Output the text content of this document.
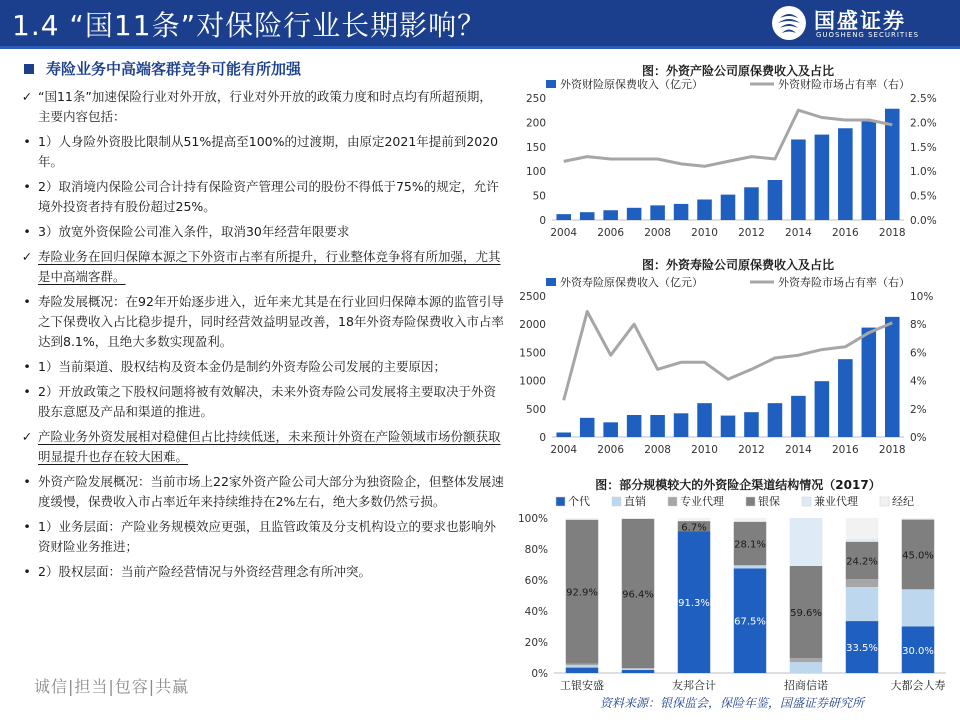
1.4 “国11条”对保险行业长期影响？	国盛证券
GUOSHENG SECURITIES
寿险业务中高端客群竞争可能有所加强
✓ “国11条”加速保险行业对外开放，行业对外开放的政策力度和时点均有所超预期，主要内容包括：
• 1）人身险外资股比限制从51%提高至100%的过渡期，由原定2021年提前到2020年。
• 2）取消境内保险公司合计持有保险资产管理公司的股份不得低于75%的规定，允许境外投资者持有股份超过25%。
• 3）放宽外资保险公司准入条件，取消30年经营年限要求
✓ 寿险业务在回归保障本源之下外资市占率有所提升，行业整体竞争将有所加强，尤其是中高端客群。
• 寿险发展概况：在92年开始逐步进入，近年来尤其是在行业回归保障本源的监管引导之下保费收入占比稳步提升，同时经营效益明显改善，18年外资寿险保费收入市占率达到8.1%，且绝大多数实现盈利。
• 1）当前渠道、股权结构及资本金仍是制约外资寿险公司发展的主要原因；
• 2）开放政策之下股权问题将被有效解决，未来外资寿险公司发展将主要取决于外资股东意愿及产品和渠道的推进。
✓ 产险业务外资发展相对稳健但占比持续低迷，未来预计外资在产险领域市场份额获取明显提升也存在较大困难。
• 外资产险发展概况：当前市场上22家外资产险公司大部分为独资险企，但整体发展速度缓慢，保费收入市占率近年来持续维持在2%左右，绝大多数仍然亏损。
• 1）业务层面：产险业务规模效应更强，且监管政策及分支机构设立的要求也影响外资财险业务推进；
• 2）股权层面：当前产险经营情况与外资经营理念有所冲突。
诚信|担当|包容|共赢
图：外资产险公司原保费收入及占比
外资财险原保费收入（亿元）	外资财险市场占有率（右）
0
50
100
150
200
250
0.0%
0.5%
1.0%
1.5%
2.0%
2.5%
2004 2006 2008 2010 2012 2014 2016 2018
图：外资寿险公司原保费收入及占比
外资寿险原保费收入（亿元）	外资寿险市场占有率（右）
0
500
1000
1500
2000
2500
0%
2%
4%
6%
8%
10%
2004 2006 2008 2010 2012 2014 2016 2018
图：部分规模较大的外资险企渠道结构情况（2017）
个代	直销	专业代理	银保	兼业代理	经纪
0%
20%
40%
60%
80%
100%
92.9% 96.4%
91.3%
6.7%
67.5%
28.1%
59.6%
33.5%
24.2%
30.0%
45.0%
工银安盛	友邦合计	招商信诺	大都会人寿
资料来源：银保监会，保险年鉴，国盛证券研究所
